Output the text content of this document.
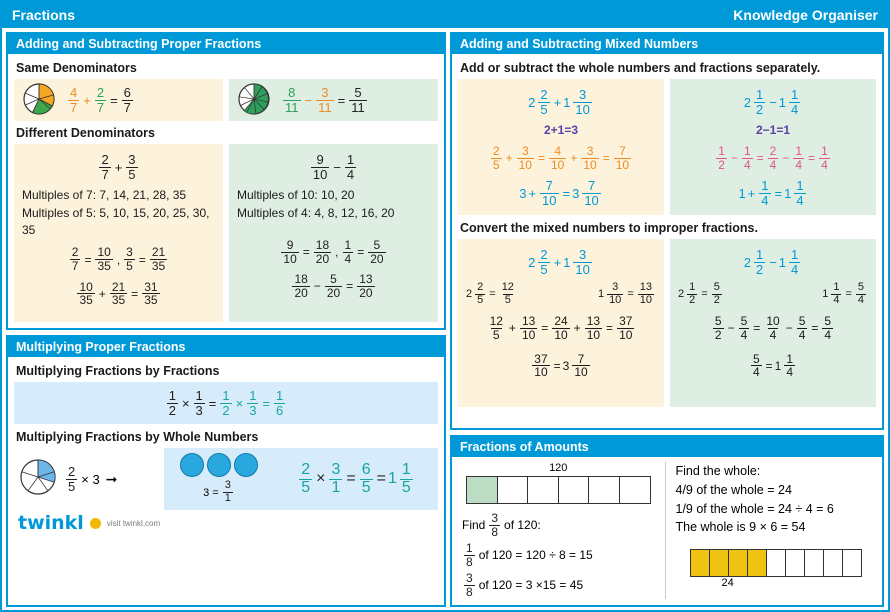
Fractions	Knowledge Organiser
Adding and Subtracting Proper Fractions
Same Denominators
$\frac{4}{7} + \frac{2}{7} = \frac{6}{7}$	$\frac{8}{11} - \frac{3}{11} = \frac{5}{11}$
Different Denominators
$\frac{2}{7} + \frac{3}{5}$
Multiples of 7: 7, 14, 21, 28, 35
Multiples of 5: 5, 10, 15, 20, 25, 30, 35
$\frac{2}{7} = \frac{10}{35}$ , $\frac{3}{5} = \frac{21}{35}$
$\frac{10}{35} + \frac{21}{35} = \frac{31}{35}$
$\frac{9}{10} - \frac{1}{4}$
Multiples of 10: 10, 20
Multiples of 4: 4, 8, 12, 16, 20
$\frac{9}{10} = \frac{18}{20}$ , $\frac{1}{4} = \frac{5}{20}$
$\frac{18}{20} - \frac{5}{20} = \frac{13}{20}$
Multiplying Proper Fractions
Multiplying Fractions by Fractions
$\frac{1}{2} \times \frac{1}{3} = \frac{1}{2} \times \frac{1}{3} = \frac{1}{6}$
Multiplying Fractions by Whole Numbers
$\frac{2}{5} \times 3$ ➞
$3 = \frac{3}{1}$	$\frac{2}{5} \times \frac{3}{1} = \frac{6}{5} = 1 \frac{1}{5}$
twinkl	visit twinkl.com
Adding and Subtracting Mixed Numbers
Add or subtract the whole numbers and fractions separately.
$2 \frac{2}{5} + 1 \frac{3}{10}$
2+1=3
$\frac{2}{5} + \frac{3}{10} = \frac{4}{10} + \frac{3}{10} = \frac{7}{10}$
$3 + \frac{7}{10} = 3 \frac{7}{10}$
$2 \frac{1}{2} - 1 \frac{1}{4}$
2−1=1
$\frac{1}{2} - \frac{1}{4} = \frac{2}{4} - \frac{1}{4} = \frac{1}{4}$
$1 + \frac{1}{4} = 1 \frac{1}{4}$
Convert the mixed numbers to improper fractions.
$2 \frac{2}{5} + 1 \frac{3}{10}$
$2 \frac{2}{5} = \frac{12}{5}$	$1 \frac{3}{10} = \frac{13}{10}$
$\frac{12}{5} + \frac{13}{10} = \frac{24}{10} + \frac{13}{10} = \frac{37}{10}$
$\frac{37}{10} = 3 \frac{7}{10}$
$2 \frac{1}{2} - 1 \frac{1}{4}$
$2 \frac{1}{2} = \frac{5}{2}$	$1 \frac{1}{4} = \frac{5}{4}$
$\frac{5}{2} - \frac{5}{4} = \frac{10}{4} - \frac{5}{4} = \frac{5}{4}$
$\frac{5}{4} = 1 \frac{1}{4}$
Fractions of Amounts
120
Find $\frac{3}{8}$ of 120:
$\frac{1}{8}$ of 120 = 120 ÷ 8 = 15
$\frac{3}{8}$ of 120 = 3 ×15 = 45
Find the whole:
4/9 of the whole = 24
1/9 of the whole = 24 ÷ 4 = 6
The whole is 9 × 6 = 54
24
